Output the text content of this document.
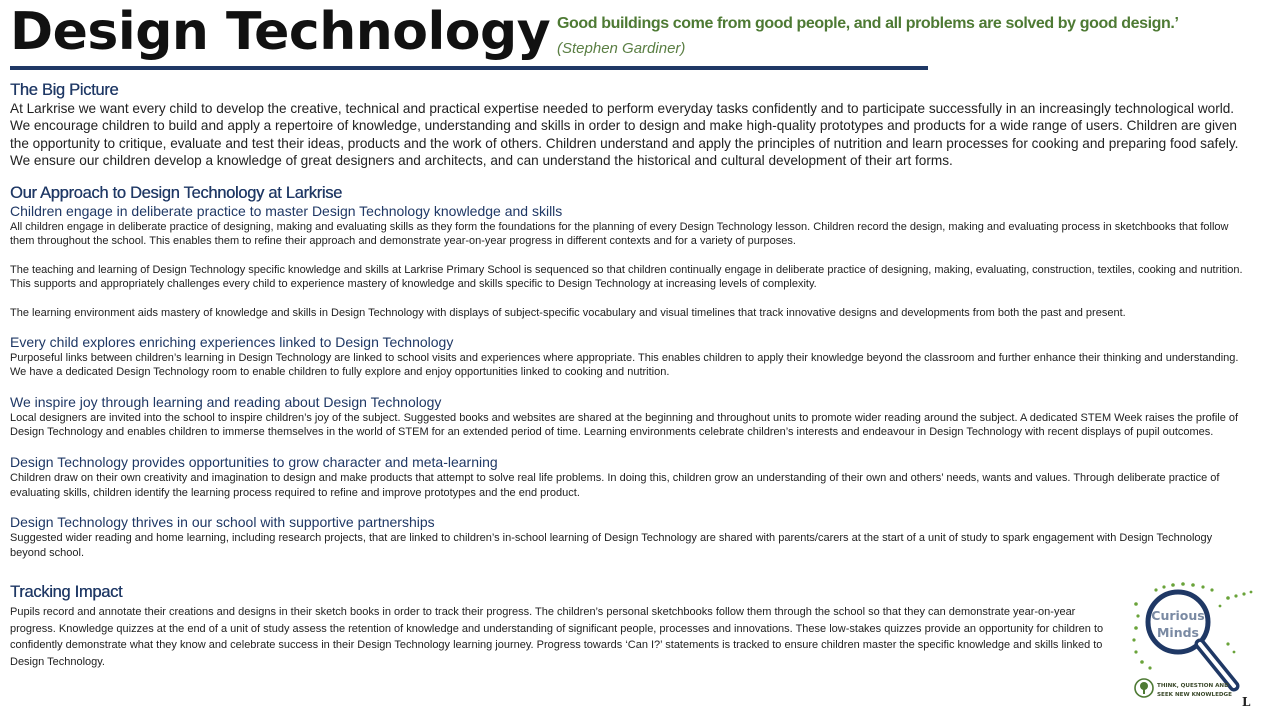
Design Technology Good buildings come from good people, and all problems are solved by good design.’

(Stephen Gardiner)

The Big Picture

At Larkrise we want every child to develop the creative, technical and practical expertise needed to perform everyday tasks confidently and to participate successfully in an increasingly technological world. We encourage children to build and apply a repertoire of knowledge, understanding and skills in order to design and make high-quality prototypes and products for a wide range of users. Children are given the opportunity to critique, evaluate and test their ideas, products and the work of others. Children understand and apply the principles of nutrition and learn processes for cooking and preparing food safely. We ensure our children develop a knowledge of great designers and architects, and can understand the historical and cultural development of their art forms.

Our Approach to Design Technology at Larkrise
Children engage in deliberate practice to master Design Technology knowledge and skills

All children engage in deliberate practice of designing, making and evaluating skills as they form the foundations for the planning of every Design Technology lesson. Children record the design, making and evaluating process in sketchbooks that follow them throughout the school. This enables them to refine their approach and demonstrate year-on-year progress in different contexts and for a variety of purposes.

The teaching and learning of Design Technology specific knowledge and skills at Larkrise Primary School is sequenced so that children continually engage in deliberate practice of designing, making, evaluating, construction, textiles, cooking and nutrition. This supports and appropriately challenges every child to experience mastery of knowledge and skills specific to Design Technology at increasing levels of complexity.

The learning environment aids mastery of knowledge and skills in Design Technology with displays of subject-specific vocabulary and visual timelines that track innovative designs and developments from both the past and present.

Every child explores enriching experiences linked to Design Technology

Purposeful links between children’s learning in Design Technology are linked to school visits and experiences where appropriate. This enables children to apply their knowledge beyond the classroom and further enhance their thinking and understanding. We have a dedicated Design Technology room to enable children to fully explore and enjoy opportunities linked to cooking and nutrition.

We inspire joy through learning and reading about Design Technology

Local designers are invited into the school to inspire children’s joy of the subject. Suggested books and websites are shared at the beginning and throughout units to promote wider reading around the subject. A dedicated STEM Week raises the profile of Design Technology and enables children to immerse themselves in the world of STEM for an extended period of time. Learning environments celebrate children’s interests and endeavour in Design Technology with recent displays of pupil outcomes.

Design Technology provides opportunities to grow character and meta-learning

Children draw on their own creativity and imagination to design and make products that attempt to solve real life problems. In doing this, children grow an understanding of their own and others’ needs, wants and values. Through deliberate practice of evaluating skills, children identify the learning process required to refine and improve prototypes and the end product.

Design Technology thrives in our school with supportive partnerships

Suggested wider reading and home learning, including research projects, that are linked to children’s in-school learning of Design Technology are shared with parents/carers at the start of a unit of study to spark engagement with Design Technology beyond school.

Tracking Impact

Pupils record and annotate their creations and designs in their sketch books in order to track their progress. The children’s personal sketchbooks follow them through the school so that they can demonstrate year-on-year progress. Knowledge quizzes at the end of a unit of study assess the retention of knowledge and understanding of significant people, processes and innovations. These low-stakes quizzes provide an opportunity for children to confidently demonstrate what they know and celebrate success in their Design Technology learning journey. Progress towards ‘Can I?’ statements is tracked to ensure children master the specific knowledge and skills linked to Design Technology.

Curious
Minds
THINK, QUESTION AND
SEEK NEW KNOWLEDGE L
